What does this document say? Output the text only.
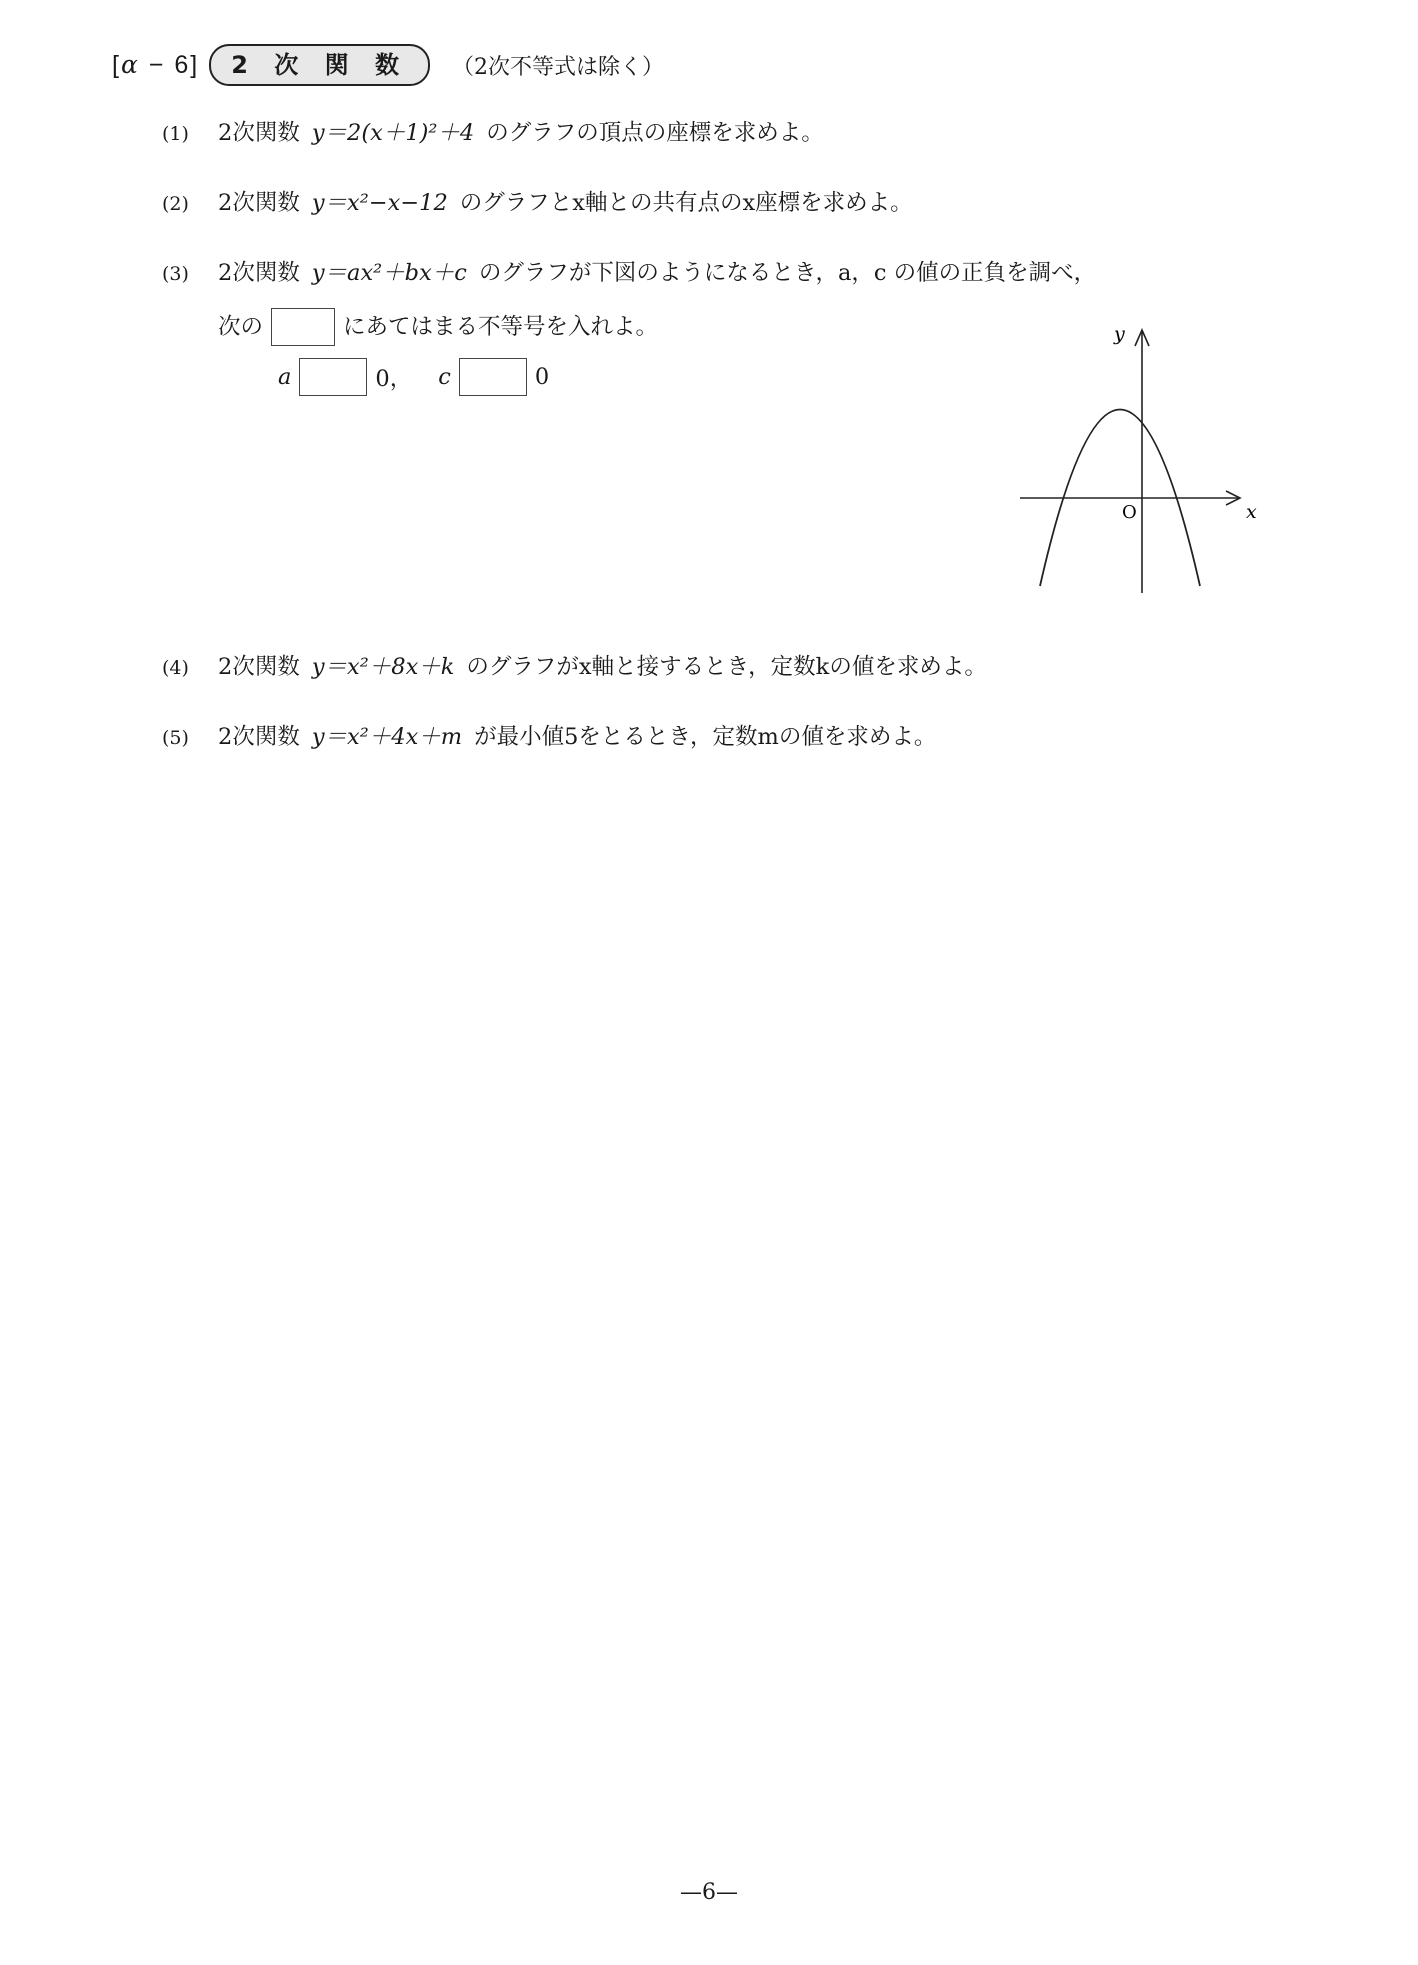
[α − 6]	2 次 関 数	（2次不等式は除く）
(1) 2次関数 y＝2(x＋1)²＋4 のグラフの頂点の座標を求めよ。
(2) 2次関数 y＝x²−x−12 のグラフとx軸との共有点のx座標を求めよ。
(3) 2次関数 y＝ax²＋bx＋c のグラフが下図のようになるとき，a，c の値の正負を調べ，
次の	にあてはまる不等号を入れよ。
a	0， c	0
y
x
O
(4) 2次関数 y＝x²＋8x＋k のグラフがx軸と接するとき，定数kの値を求めよ。
(5) 2次関数 y＝x²＋4x＋m が最小値5をとるとき，定数mの値を求めよ。
—6—
